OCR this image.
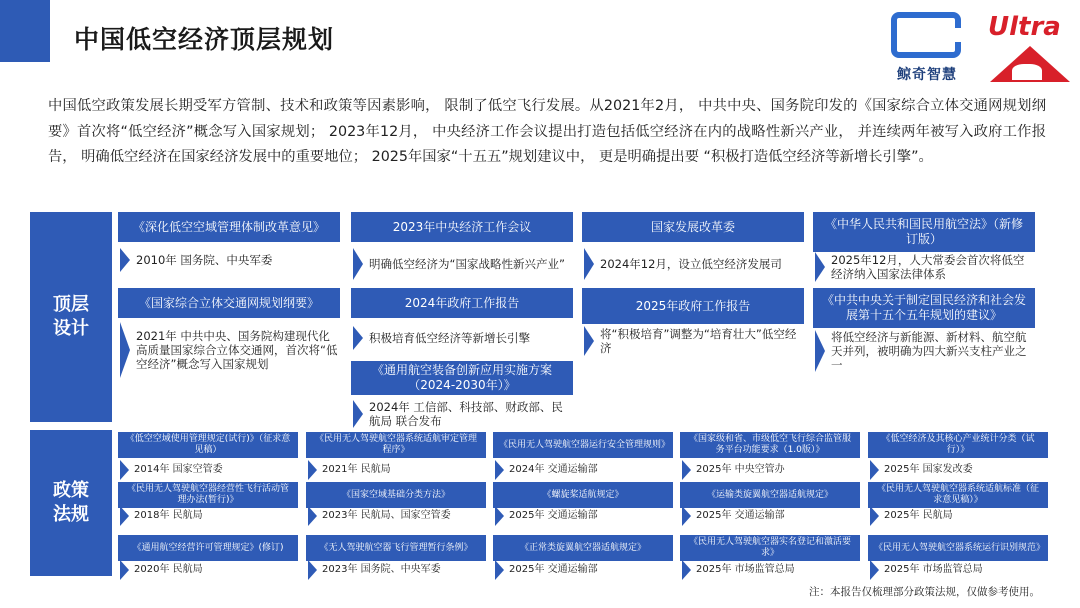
中国低空经济顶层规划
鲸奇智慧
Ultra
中国低空政策发展长期受军方管制、技术和政策等因素影响， 限制了低空飞行发展。从2021年2月， 中共中央、国务院印发的《国家综合立体交通网规划纲要》首次将“低空经济”概念写入国家规划； 2023年12月， 中央经济工作会议提出打造包括低空经济在内的战略性新兴产业， 并连续两年被写入政府工作报告， 明确低空经济在国家经济发展中的重要地位； 2025年国家“十五五”规划建议中， 更是明确提出要 “积极打造低空经济等新增长引擎”。
顶层
设计
政策
法规
《深化低空空域管理体制改革意见》
2010年 国务院、中央军委
2023年中央经济工作会议
明确低空经济为“国家战略性新兴产业”
国家发展改革委
2024年12月，设立低空经济发展司
《中华人民共和国民用航空法》（新修订版）
2025年12月，人大常委会首次将低空经济纳入国家法律体系
《国家综合立体交通网规划纲要》
2021年 中共中央、国务院构建现代化高质量国家综合立体交通网，首次将“低空经济”概念写入国家规划
2024年政府工作报告
积极培育低空经济等新增长引擎
2025年政府工作报告
将“积极培育”调整为“培育壮大”低空经济
《中共中央关于制定国民经济和社会发展第十五个五年规划的建议》
将低空经济与新能源、新材料、航空航天并列，被明确为四大新兴支柱产业之一
《通用航空装备创新应用实施方案（2024-2030年）》
2024年 工信部、科技部、财政部、民航局 联合发布
《低空空域使用管理规定(试行)》（征求意见稿）
2014年 国家空管委
《民用无人驾驶航空器系统适航审定管理程序》
2021年 民航局
《民用无人驾驶航空器运行安全管理规则》
2024年 交通运输部
《国家级和省、市级低空飞行综合监管服务平台功能要求（1.0版）》
2025年 中央空管办
《低空经济及其核心产业统计分类（试行）》
2025年 国家发改委
《民用无人驾驶航空器经营性飞行活动管理办法(暂行)》
2018年 民航局
《国家空域基础分类方法》
2023年 民航局、国家空管委
《螺旋桨适航规定》
2025年 交通运输部
《运输类旋翼航空器适航规定》
2025年 交通运输部
《民用无人驾驶航空器系统适航标准（征求意见稿）》
2025年 民航局
《通用航空经营许可管理规定》(修订)
2020年 民航局
《无人驾驶航空器飞行管理暂行条例》
2023年 国务院、中央军委
《正常类旋翼航空器适航规定》
2025年 交通运输部
《民用无人驾驶航空器实名登记和激活要求》
2025年 市场监管总局
《民用无人驾驶航空器系统运行识别规范》
2025年 市场监管总局
注：本报告仅梳理部分政策法规，仅做参考使用。
